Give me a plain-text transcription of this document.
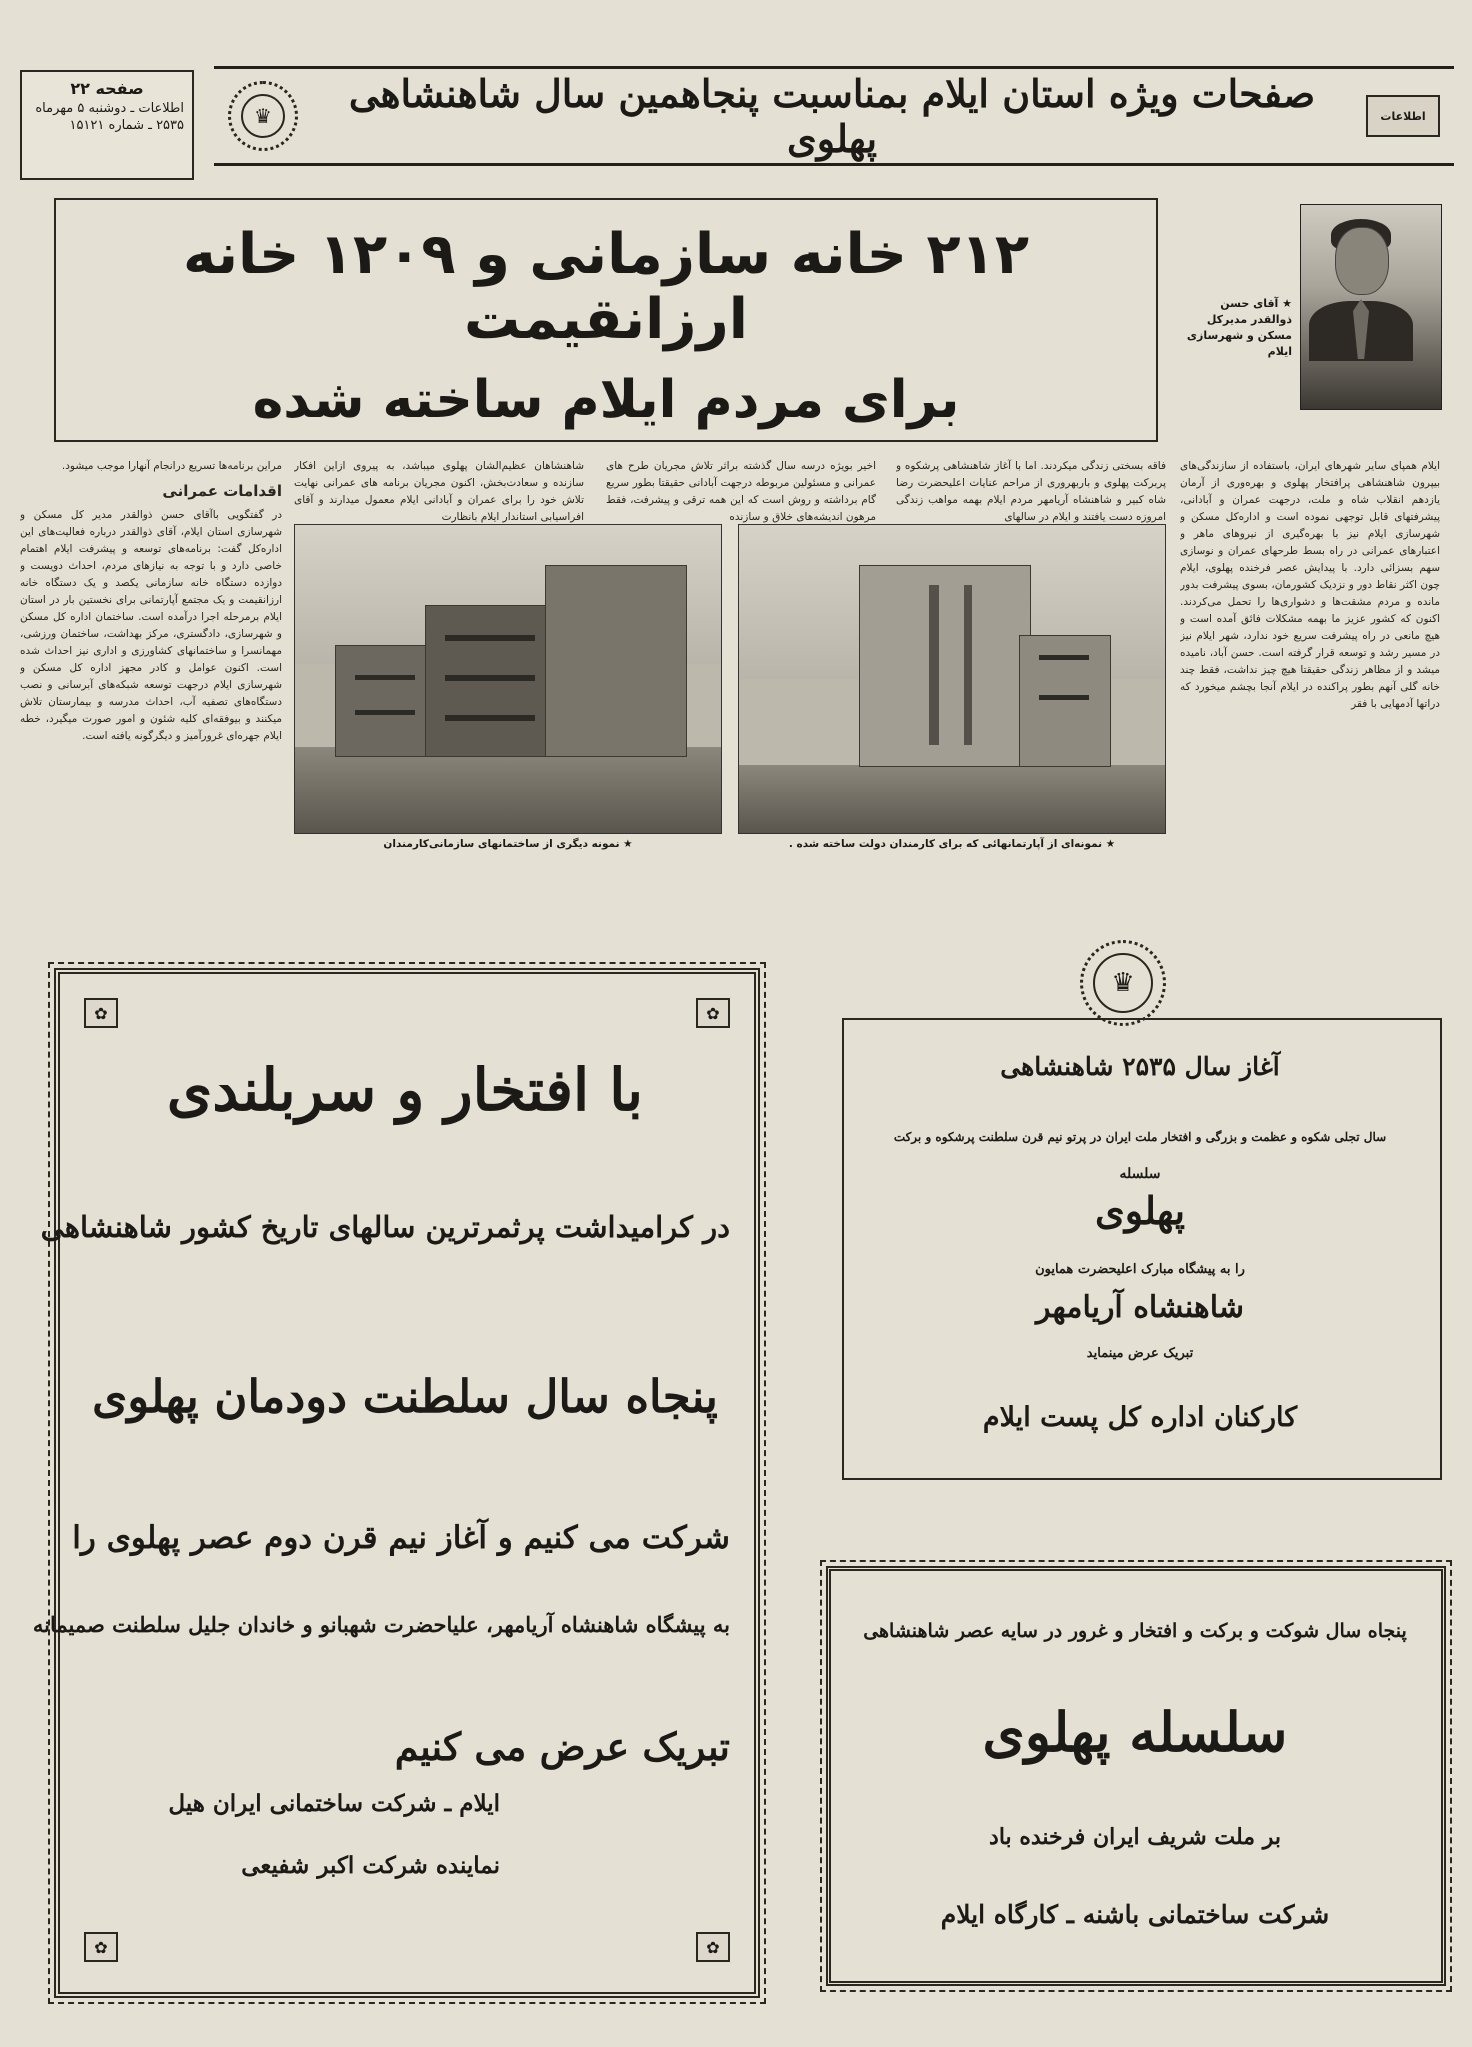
صفحه ۲۲
اطلاعات ـ دوشنبه ۵ مهرماه
۲۵۳۵ ـ شماره ۱۵۱۲۱	♛	صفحات ویژه استان ایلام بمناسبت پنجاهمین سال شاهنشاهی پهلوی	اطلاعات
۲۱۲ خانه سازمانی و ۱۲۰۹ خانه ارزانقیمت
برای مردم ایلام ساخته شده
★ آقای حسن
ذوالقدر مدیرکل
مسکن و شهرسازی
ایلام
ایلام همپای سایر شهرهای ایران، باستفاده از سازندگی‌های بیپرون شاهنشاهی پرافتخار پهلوی و بهره‌وری از آرمان یازدهم انقلاب شاه و ملت، درجهت عمران و آبادانی، پیشرفتهای قابل توجهی نموده است و اداره‌کل مسکن و شهرسازی ایلام نیز با بهره‌گیری از نیروهای ماهر و اعتبارهای عمرانی در راه بسط طرحهای عمران و نوسازی سهم بسزائی دارد. با پیدایش عصر فرخنده پهلوی، ایلام چون اکثر نقاط دور و نزدیک کشورمان، بسوی پیشرفت بدور مانده و مردم مشقت‌ها و دشواری‌ها را تحمل می‌کردند. اکنون که کشور عزیز ما بهمه مشکلات فائق آمده است و هیچ مانعی در راه پیشرفت سریع خود ندارد، شهر ایلام نیز در مسیر رشد و توسعه قرار گرفته است. حسن آباد، نامیده میشد و از مظاهر زندگی حقیقتا هیچ چیز نداشت، فقط چند خانه گلی آنهم بطور پراکنده در ایلام آنجا بچشم میخورد که دراتها آدمهایی با فقر
فاقه بسختی زندگی میکردند. اما با آغاز شاهنشاهی پرشکوه و پربرکت پهلوی و باربهروری از مراحم عنایات اعلیحضرت رضا شاه کبیر و شاهنشاه آریامهر مردم ایلام بهمه مواهب زندگی امروزه دست یافتند و ایلام در سالهای
اخیر بویژه درسه سال گذشته براثر تلاش مجریان طرح های عمرانی و مسئولین مربوطه درجهت آبادانی حقیقتا بطور سریع گام برداشته و روش است که این همه ترقی و پیشرفت، فقط مرهون اندیشه‌های خلاق و سازنده
شاهنشاهان عظیم‌الشان پهلوی میباشد، به پیروی ازاین افکار سازنده و سعادت‌بخش، اکنون مجریان برنامه های عمرانی نهایت تلاش خود را برای عمران و آبادانی ایلام معمول میدارند و آقای افراسیابی استاندار ایلام بانظارت
مراین برنامه‌ها تسریع درانجام آنهارا موجب میشود.
اقدامات عمرانی
در گفتگویی باآقای حسن ذوالقدر مدیر کل مسکن و شهرسازی استان ایلام، آقای ذوالقدر درباره فعالیت‌های این اداره‌کل گفت: برنامه‌های توسعه و پیشرفت ایلام اهتمام خاصی دارد و با توجه به نیازهای مردم، احداث دویست و دوازده دستگاه خانه سازمانی یکصد و یک دستگاه خانه ارزانقیمت و یک مجتمع آپارتمانی برای نخستین بار در استان ایلام برمرحله اجرا درآمده است. ساختمان اداره کل مسکن و شهرسازی، دادگستری، مرکز بهداشت، ساختمان ورزشی، مهمانسرا و ساختمانهای کشاورزی و اداری نیز احداث شده است. اکنون عوامل و کادر مجهز اداره کل مسکن و شهرسازی ایلام درجهت توسعه شبکه‌های آبرسانی و نصب دستگاه‌های تصفیه آب، احداث مدرسه و بیمارستان تلاش میکنند و بیوفقه‌ای کلیه شئون و امور صورت میگیرد، خطه ایلام جهره‌ای غرورآمیز و دیگرگونه یافته است.
★ نمونه دیگری از ساختمانهای سازمانی‌کارمندان	★ نمونه‌ای از آپارتمانهائی که برای کارمندان دولت ساخته شده .
✿	✿
✿	✿
با افتخار و سربلندی
در کرامیداشت پرثمرترین سالهای تاریخ کشور شاهنشاهی
پنجاه سال سلطنت دودمان پهلوی
شرکت می کنیم و آغاز نیم قرن دوم عصر پهلوی را
به پیشگاه شاهنشاه آریامهر، علیاحضرت شهبانو و خاندان جلیل سلطنت صمیمانه
تبریک عرض می کنیم
ایلام ـ شرکت ساختمانی ایران هیل
نماینده شرکت اکبر شفیعی
♛
آغاز سال ۲۵۳۵ شاهنشاهی
سال تجلی شکوه و عظمت و بزرگی و افتخار ملت ایران در پرتو نیم قرن سلطنت پرشکوه و برکت
سلسله
پهلوی
را به پیشگاه مبارک اعلیحضرت همایون
شاهنشاه آریامهر
تبریک عرض مینماید
کارکنان اداره کل پست ایلام
پنجاه سال شوکت و برکت و افتخار و غرور در سایه عصر شاهنشاهی
سلسله پهلوی
بر ملت شریف ایران فرخنده باد
شرکت ساختمانی باشنه ـ کارگاه ایلام
